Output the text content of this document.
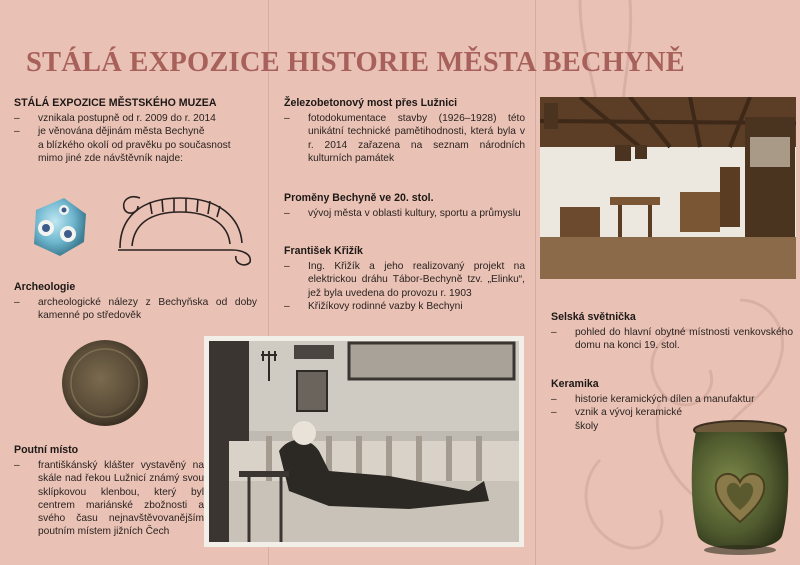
STÁLÁ EXPOZICE HISTORIE MĚSTA BECHYNĚ
STÁLÁ EXPOZICE MĚSTSKÉHO MUZEA
– vznikala postupně od r. 2009 do r. 2014
– je věnována dějinám města Bechyně
a blízkého okolí od pravěku po současnost
mimo jiné zde návštěvník najde:
Archeologie
– archeologické nálezy z Bechyňska od doby kamenné po středověk
Poutní místo
– františkánský klášter vystavěný na skále nad řekou Lužnicí známý svou sklípkovou klenbou, který byl centrem mariánské zbožnosti a svého času nejnavštěvovanějším poutním místem jižních Čech
Železobetonový most přes Lužnici
– fotodokumentace stavby (1926–1928) této unikátní technické pamětihodnosti, která byla v r. 2014 zařazena na seznam národních kulturních památek
Proměny Bechyně ve 20. stol.
– vývoj města v oblasti kultury, sportu a průmyslu
František Křižík
– Ing. Křižík a jeho realizovaný projekt na elektrickou dráhu Tábor-Bechyně tzv. „Elinku“, jež byla uvedena do provozu r. 1903
– Křižíkovy rodinné vazby k Bechyni
Selská světnička
– pohled do hlavní obytné místnosti venkovského domu na konci 19. stol.
Keramika
– historie keramických dílen a manufaktur
– vznik a vývoj keramické školy
